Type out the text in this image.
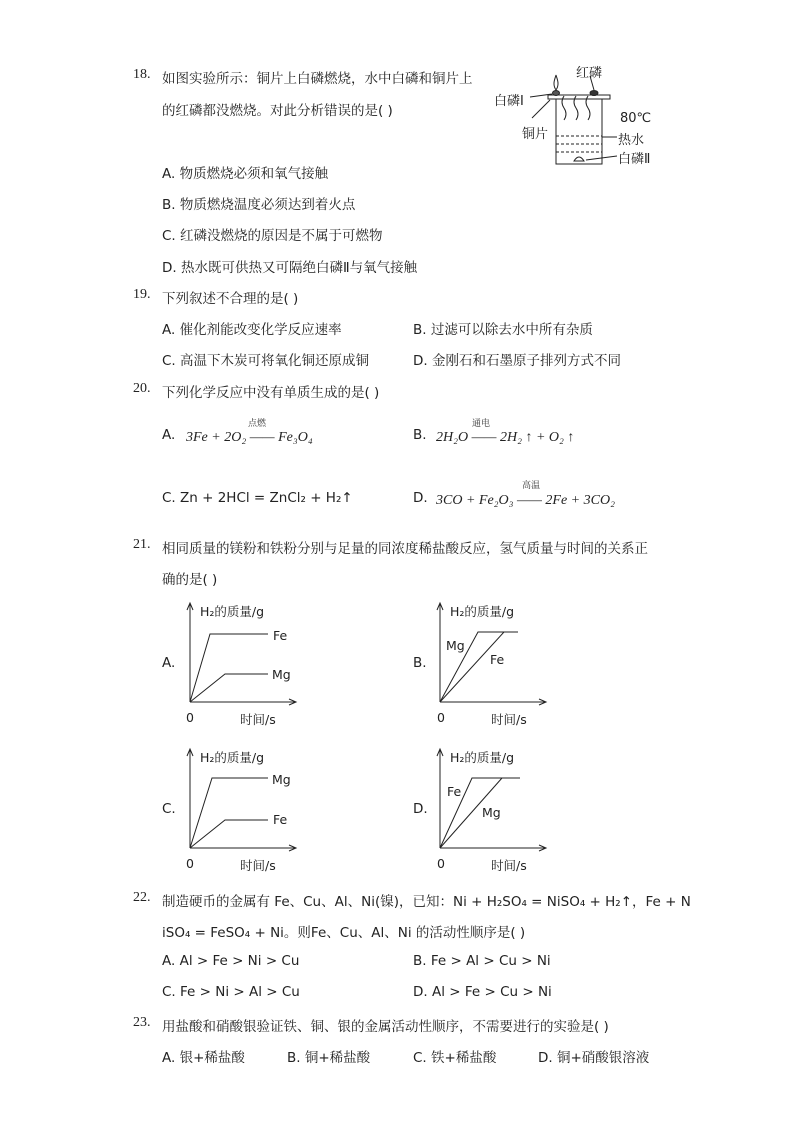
18. 如图实验所示：铜片上白磷燃烧，水中白磷和铜片上
的红磷都没燃烧。对此分析错误的是( )
红磷
白磷Ⅰ
铜片
80℃
热水
白磷Ⅱ
A. 物质燃烧必须和氧气接触
B. 物质燃烧温度必须达到着火点
C. 红磷没燃烧的原因是不属于可燃物
D. 热水既可供热又可隔绝白磷Ⅱ与氧气接触
19. 下列叙述不合理的是( )
A. 催化剂能改变化学反应速率	B. 过滤可以除去水中所有杂质
C. 高温下木炭可将氧化铜还原成铜	D. 金刚石和石墨原子排列方式不同
20. 下列化学反应中没有单质生成的是( )
A.
点燃
3Fe + 2O₂ —— Fe₃O₄	B.
通电
2H₂O —— 2H₂ ↑ + O₂ ↑
C. Zn + 2HCl = ZnCl₂ + H₂↑	D.
高温
3CO + Fe₂O₃ —— 2Fe + 3CO₂
21. 相同质量的镁粉和铁粉分别与足量的同浓度稀盐酸反应，氢气质量与时间的关系正
确的是( )
A.
H₂的质量/g
Fe
Mg
0	时间/s
B.
H₂的质量/g
Mg
Fe
0	时间/s
C.
H₂的质量/g
Mg
Fe
0	时间/s
D.
H₂的质量/g
Fe
Mg
0	时间/s
22. 制造硬币的金属有 Fe、Cu、Al、Ni(镍)，已知：Ni + H₂SO₄ = NiSO₄ + H₂↑，Fe + N
iSO₄ = FeSO₄ + Ni。则Fe、Cu、Al、Ni 的活动性顺序是( )
A. Al > Fe > Ni > Cu	B. Fe > Al > Cu > Ni
C. Fe > Ni > Al > Cu	D. Al > Fe > Cu > Ni
23. 用盐酸和硝酸银验证铁、铜、银的金属活动性顺序，不需要进行的实验是( )
A. 银+稀盐酸	B. 铜+稀盐酸	C. 铁+稀盐酸	D. 铜+硝酸银溶液
